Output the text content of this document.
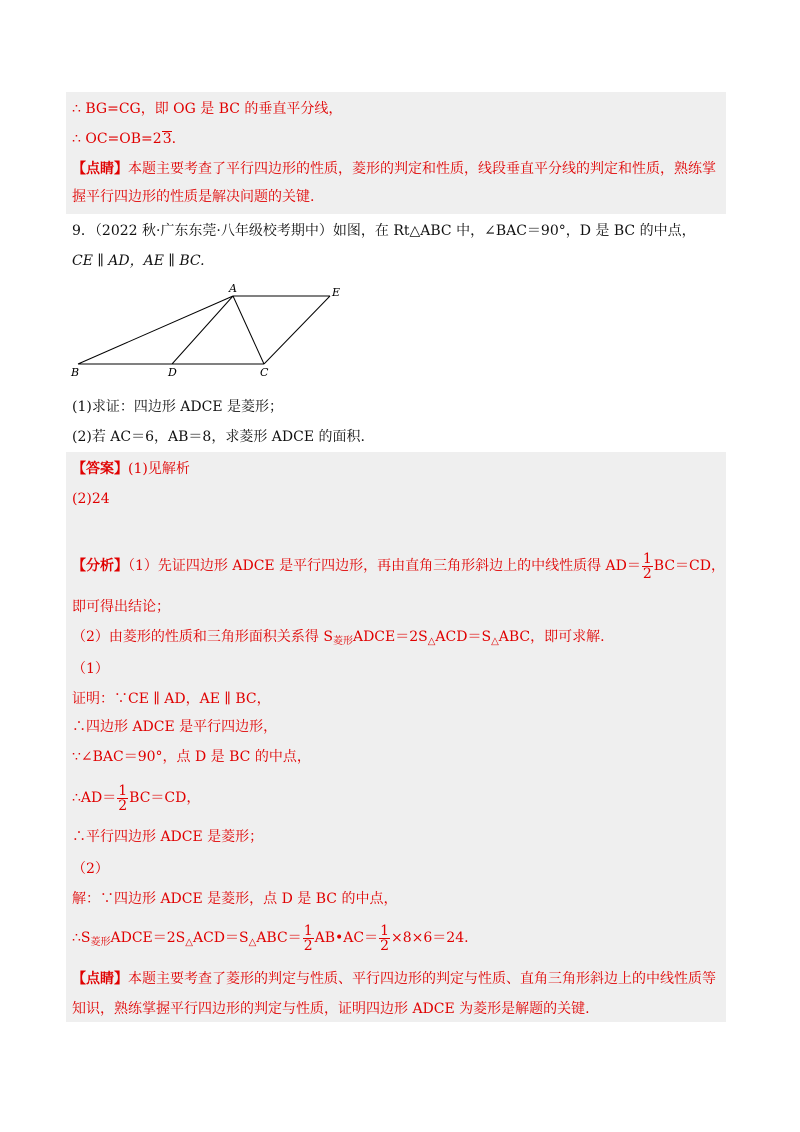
∴ BG=CG，即 OG 是 BC 的垂直平分线，
∴ OC=OB=23.
【点睛】本题主要考查了平行四边形的性质，菱形的判定和性质，线段垂直平分线的判定和性质，熟练掌
握平行四边形的性质是解决问题的关键.
9．（2022 秋·广东东莞·八年级校考期中）如图，在 Rt△ABC 中，∠BAC＝90°，D 是 BC 的中点，
CE ∥ AD，AE ∥ BC.
A
B	C
D
E
(1)求证：四边形 ADCE 是菱形；
(2)若 AC＝6，AB＝8，求菱形 ADCE 的面积.
【答案】(1)见解析
(2)24
【分析】（1）先证四边形 ADCE 是平行四边形，再由直角三角形斜边上的中线性质得 $AD= \frac{1}{2} BC=CD$，
即可得出结论；
（2）由菱形的性质和三角形面积关系得 $S_{菱形}ADCE=2S_\triangle ACD=S_\triangle ABC$，即可求解.
（1）
证明：∵CE ∥ AD，AE ∥ BC，
∴四边形 ADCE 是平行四边形，
∵∠BAC＝90°，点 D 是 BC 的中点，
∴AD＝ $\frac{1}{2} BC=CD$，
∴平行四边形 ADCE 是菱形；
（2）
解：∵四边形 ADCE 是菱形，点 D 是 BC 的中点，
$\therefore S_{菱形}ADCE=2S_\triangle ACD=S_\triangle ABC= \frac{1}{2}$ AB•AC＝ $\frac{1}{2} \times 8\times 6=24$.
【点睛】本题主要考查了菱形的判定与性质、平行四边形的判定与性质、直角三角形斜边上的中线性质等
知识，熟练掌握平行四边形的判定与性质，证明四边形 ADCE 为菱形是解题的关键.
